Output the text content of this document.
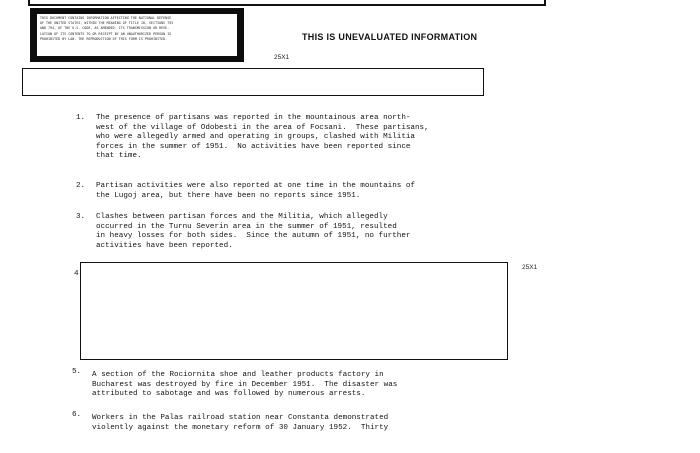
THIS DOCUMENT CONTAINS INFORMATION AFFECTING THE NATIONAL DEFENSE
OF THE UNITED STATES, WITHIN THE MEANING OF TITLE 18, SECTIONS 793
AND 794, OF THE U.S. CODE, AS AMENDED. ITS TRANSMISSION OR REVE-
LATION OF ITS CONTENTS TO OR RECEIPT BY AN UNAUTHORIZED PERSON IS
PROHIBITED BY LAW. THE REPRODUCTION OF THIS FORM IS PROHIBITED.	THIS IS UNEVALUATED INFORMATION
25X1
1. The presence of partisans was reported in the mountainous area north-
west of the village of Odobesti in the area of Focsani.  These partisans,
who were allegedly armed and operating in groups, clashed with Militia
forces in the summer of 1951.  No activities have been reported since
that time.
2. Partisan activities were also reported at one time in the mountains of
the Lugoj area, but there have been no reports since 1951.
3. Clashes between partisan forces and the Militia, which allegedly
occurred in the Turnu Severin area in the summer of 1951, resulted
in heavy losses for both sides.  Since the autumn of 1951, no further
activities have been reported.
4
25X1
5. A section of the Rociornita shoe and leather products factory in
Bucharest was destroyed by fire in December 1951.  The disaster was
attributed to sabotage and was followed by numerous arrests.
6. Workers in the Palas railroad station near Constanta demonstrated
violently against the monetary reform of 30 January 1952.  Thirty
